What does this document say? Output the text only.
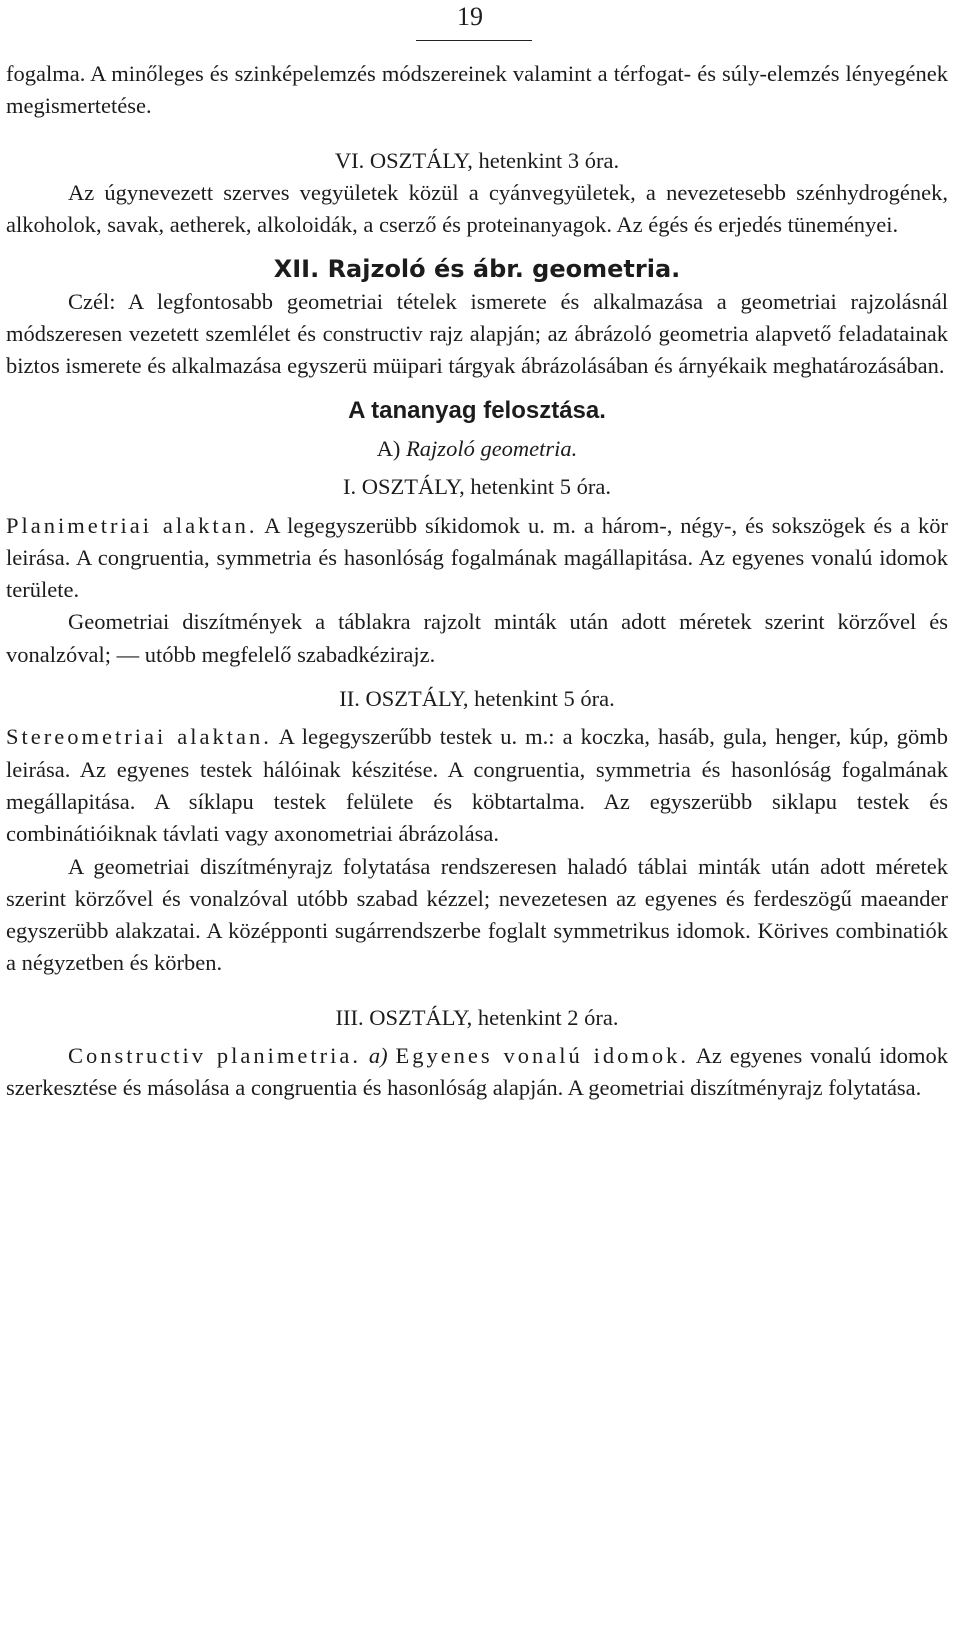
19

fogalma. A minőleges és szinképelemzés módszereinek valamint a térfogat- és súly-elemzés lényegének megismertetése.

VI. OSZTÁLY, hetenkint 3 óra.

Az úgynevezett szerves vegyületek közül a cyánvegyületek, a nevezetesebb szénhydrogének, alkoholok, savak, aetherek, alkoloidák, a cserző és proteinanyagok. Az égés és erjedés tüneményei.

XII. Rajzoló és ábr. geometria.

Czél: A legfontosabb geometriai tételek ismerete és alkalmazása a geometriai rajzolásnál módszeresen vezetett szemlélet és constructiv rajz alapján; az ábrázoló geometria alapvető feladatainak biztos ismerete és alkalmazása egyszerü müipari tárgyak ábrázolásában és árnyékaik meghatározásában.

A tananyag felosztása.

A) Rajzoló geometria.

I. OSZTÁLY, hetenkint 5 óra.

Planimetriai alaktan. A legegyszerübb síkidomok u. m. a három-, négy-, és sokszögek és a kör leirása. A congruentia, symmetria és hasonlóság fogalmának magállapitása. Az egyenes vonalú idomok területe.

Geometriai diszítmények a táblakra rajzolt minták után adott méretek szerint körzővel és vonalzóval; — utóbb megfelelő szabadkézirajz.

II. OSZTÁLY, hetenkint 5 óra.

Stereometriai alaktan. A legegyszerűbb testek u. m.: a koczka, hasáb, gula, henger, kúp, gömb leirása. Az egyenes testek hálóinak készitése. A congruentia, symmetria és hasonlóság fogalmának megállapitása. A síklapu testek felülete és köbtartalma. Az egyszerübb siklapu testek és combinátióiknak távlati vagy axonometriai ábrázolása.

A geometriai diszítményrajz folytatása rendszeresen haladó táblai minták után adott méretek szerint körzővel és vonalzóval utóbb szabad kézzel; nevezetesen az egyenes és ferdeszögű maeander egyszerübb alakzatai. A középponti sugárrendszerbe foglalt symmetrikus idomok. Körives combinatiók a négyzetben és körben.

III. OSZTÁLY, hetenkint 2 óra.

Constructiv planimetria. a) Egyenes vonalú idomok. Az egyenes vonalú idomok szerkesztése és másolása a congruentia és hasonlóság alapján. A geometriai diszítményrajz folytatása.
